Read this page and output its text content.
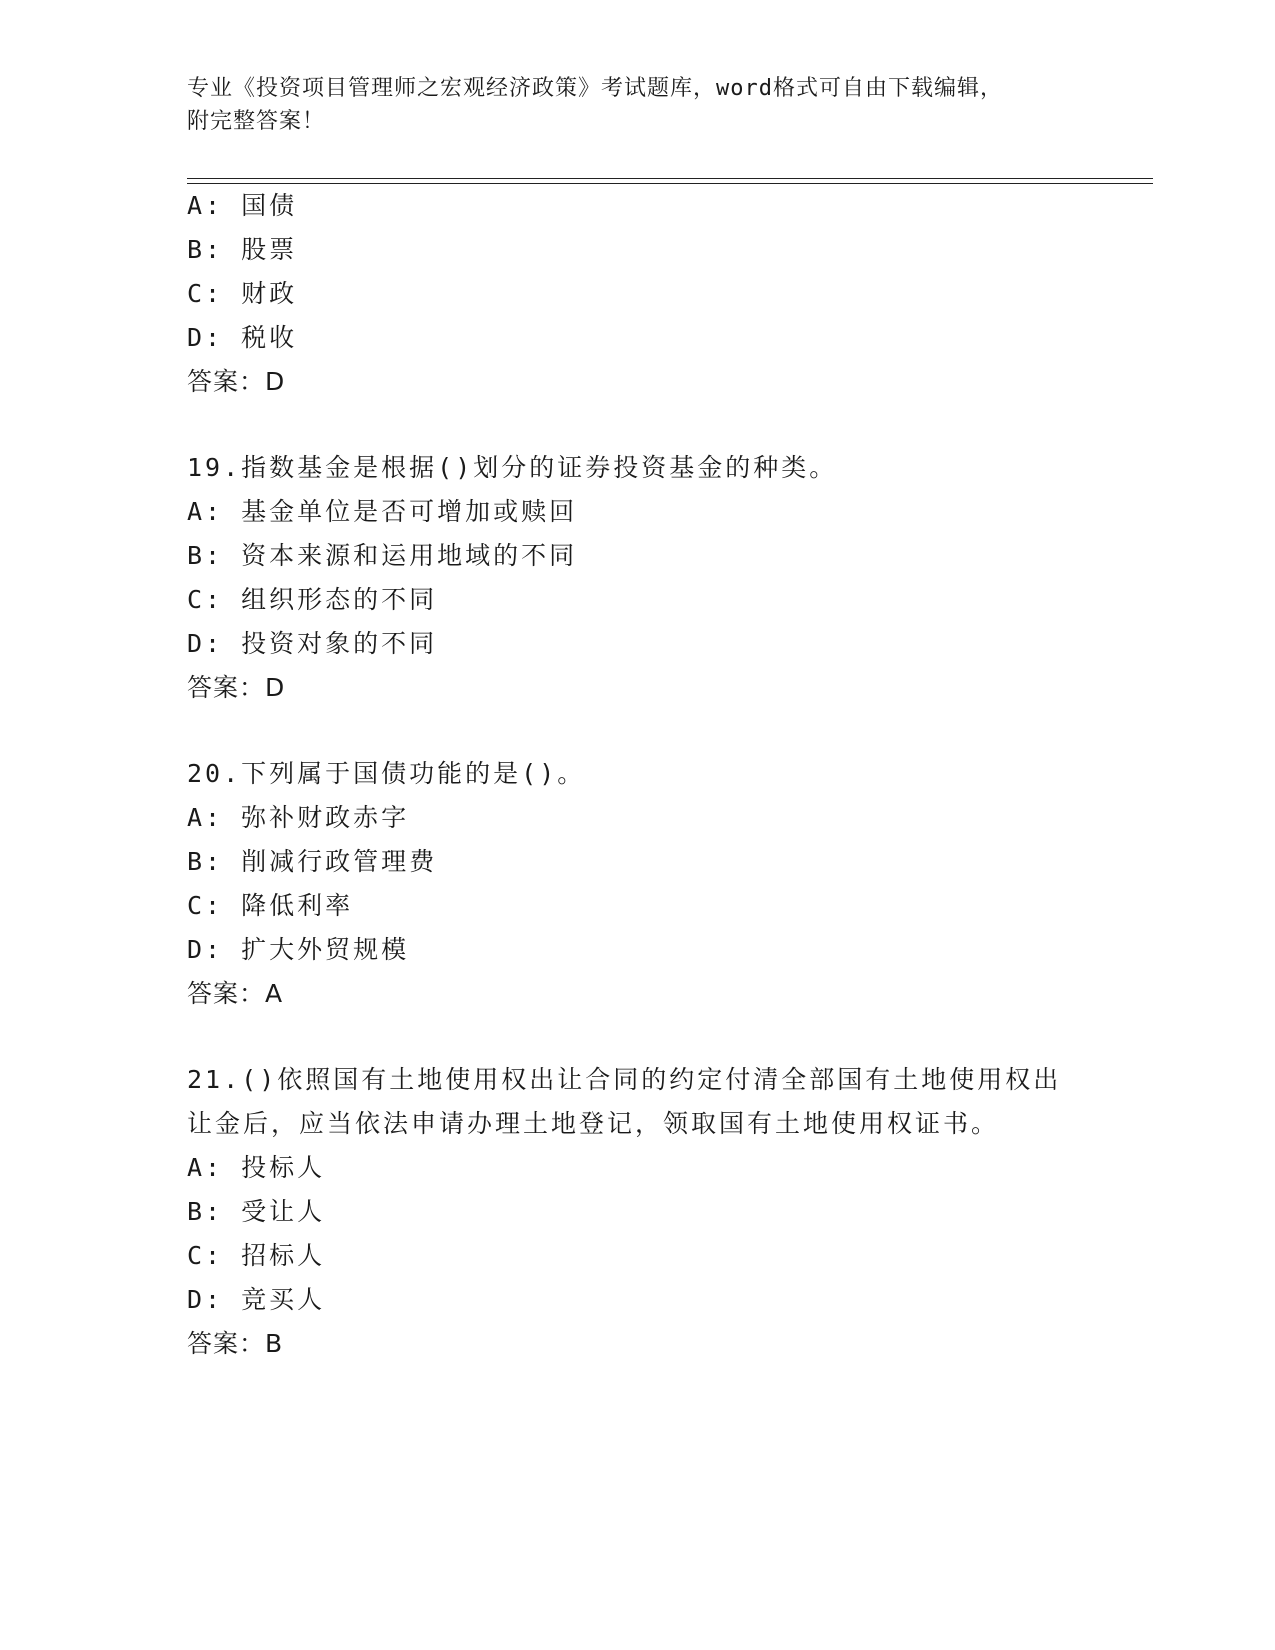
专业《投资项目管理师之宏观经济政策》考试题库，word格式可自由下载编辑，
附完整答案！
A: 国债
B: 股票
C: 财政
D: 税收
答案：D
19.指数基金是根据()划分的证券投资基金的种类。
A: 基金单位是否可增加或赎回
B: 资本来源和运用地域的不同
C: 组织形态的不同
D: 投资对象的不同
答案：D
20.下列属于国债功能的是()。
A: 弥补财政赤字
B: 削减行政管理费
C: 降低利率
D: 扩大外贸规模
答案：A
21.()依照国有土地使用权出让合同的约定付清全部国有土地使用权出
让金后，应当依法申请办理土地登记，领取国有土地使用权证书。
A: 投标人
B: 受让人
C: 招标人
D: 竞买人
答案：B
